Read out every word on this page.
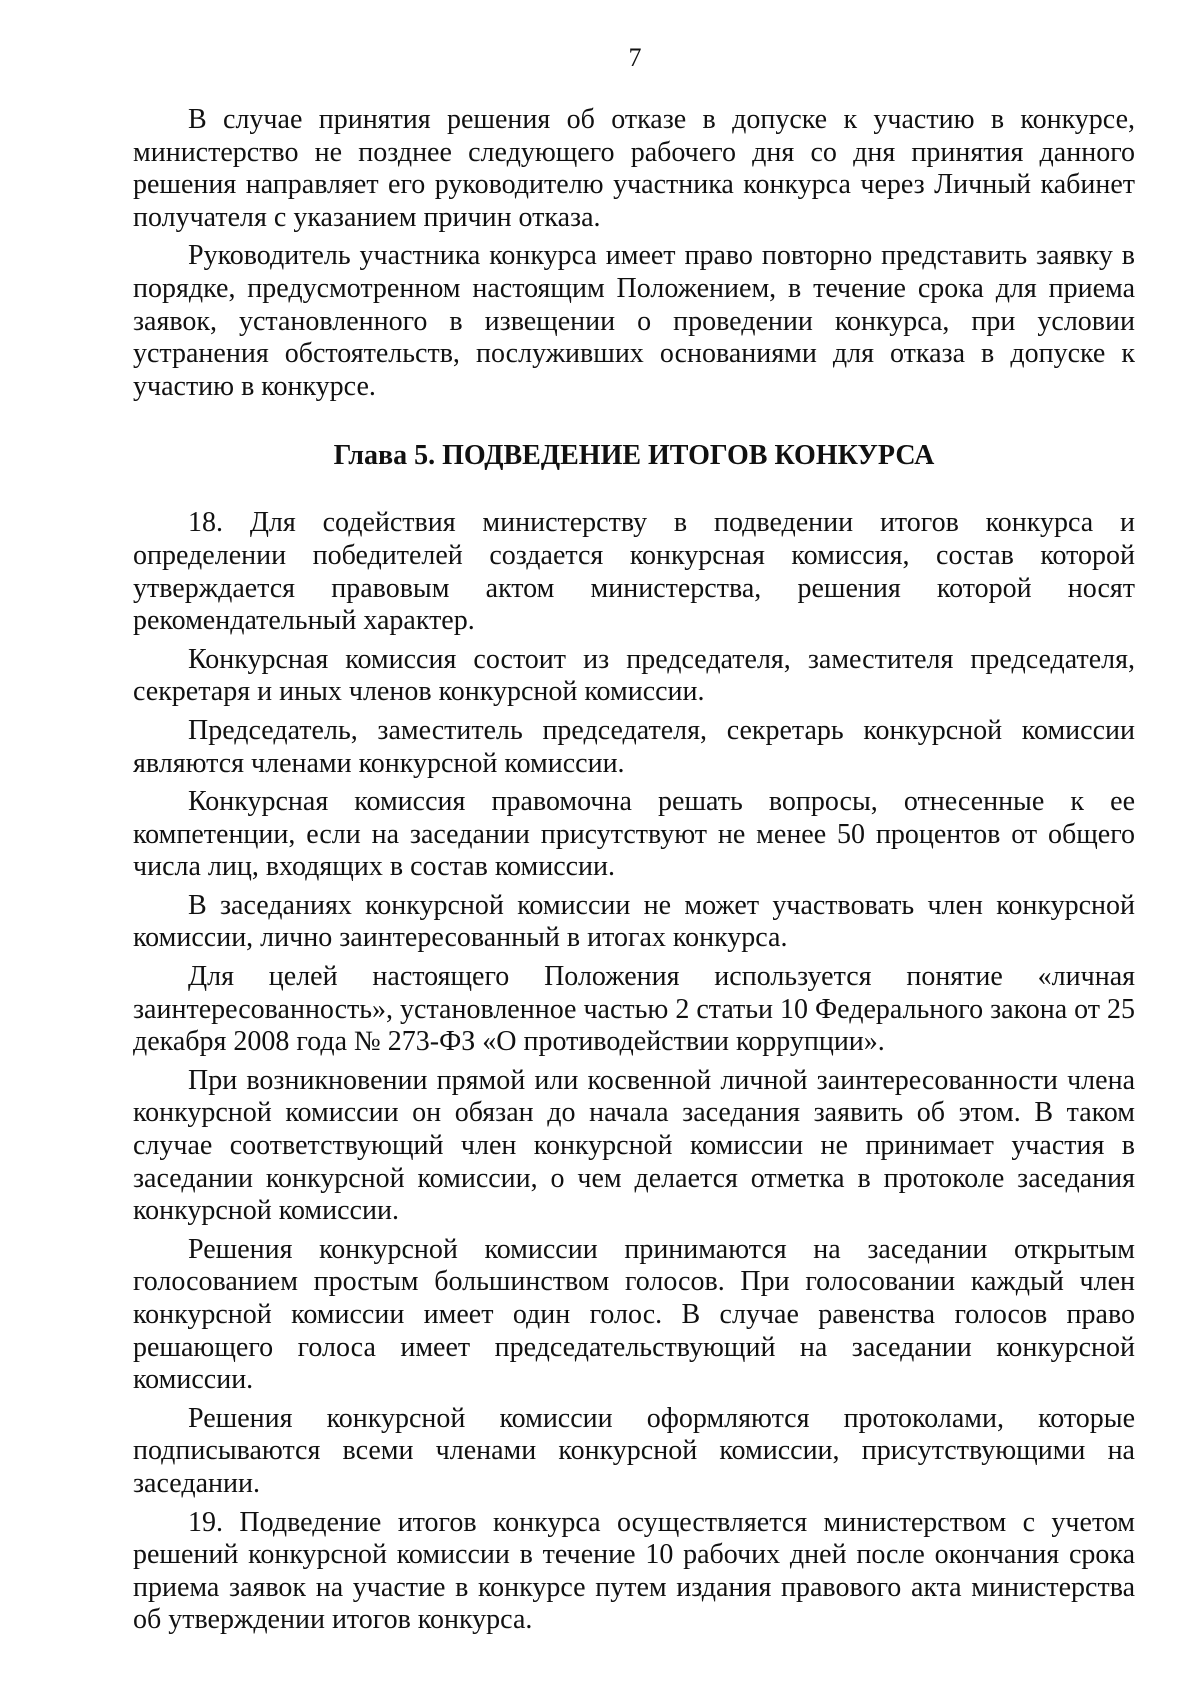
7

В случае принятия решения об отказе в допуске к участию в конкурсе, министерство не позднее следующего рабочего дня со дня принятия данного решения направляет его руководителю участника конкурса через Личный кабинет получателя с указанием причин отказа.

Руководитель участника конкурса имеет право повторно представить заявку в порядке, предусмотренном настоящим Положением, в течение срока для приема заявок, установленного в извещении о проведении конкурса, при условии устранения обстоятельств, послуживших основаниями для отказа в допуске к участию в конкурсе.

Глава 5. ПОДВЕДЕНИЕ ИТОГОВ КОНКУРСА

18. Для содействия министерству в подведении итогов конкурса и определении победителей создается конкурсная комиссия, состав которой утверждается правовым актом министерства, решения которой носят рекомендательный характер.

Конкурсная комиссия состоит из председателя, заместителя председателя, секретаря и иных членов конкурсной комиссии.

Председатель, заместитель председателя, секретарь конкурсной комиссии являются членами конкурсной комиссии.

Конкурсная комиссия правомочна решать вопросы, отнесенные к ее компетенции, если на заседании присутствуют не менее 50 процентов от общего числа лиц, входящих в состав комиссии.

В заседаниях конкурсной комиссии не может участвовать член конкурсной комиссии, лично заинтересованный в итогах конкурса.

Для целей настоящего Положения используется понятие «личная заинтересованность», установленное частью 2 статьи 10 Федерального закона от 25 декабря 2008 года № 273-ФЗ «О противодействии коррупции».

При возникновении прямой или косвенной личной заинтересованности члена конкурсной комиссии он обязан до начала заседания заявить об этом. В таком случае соответствующий член конкурсной комиссии не принимает участия в заседании конкурсной комиссии, о чем делается отметка в протоколе заседания конкурсной комиссии.

Решения конкурсной комиссии принимаются на заседании открытым голосованием простым большинством голосов. При голосовании каждый член конкурсной комиссии имеет один голос. В случае равенства голосов право решающего голоса имеет председательствующий на заседании конкурсной комиссии.

Решения конкурсной комиссии оформляются протоколами, которые подписываются всеми членами конкурсной комиссии, присутствующими на заседании.

19. Подведение итогов конкурса осуществляется министерством с учетом решений конкурсной комиссии в течение 10 рабочих дней после окончания срока приема заявок на участие в конкурсе путем издания правового акта министерства об утверждении итогов конкурса.
